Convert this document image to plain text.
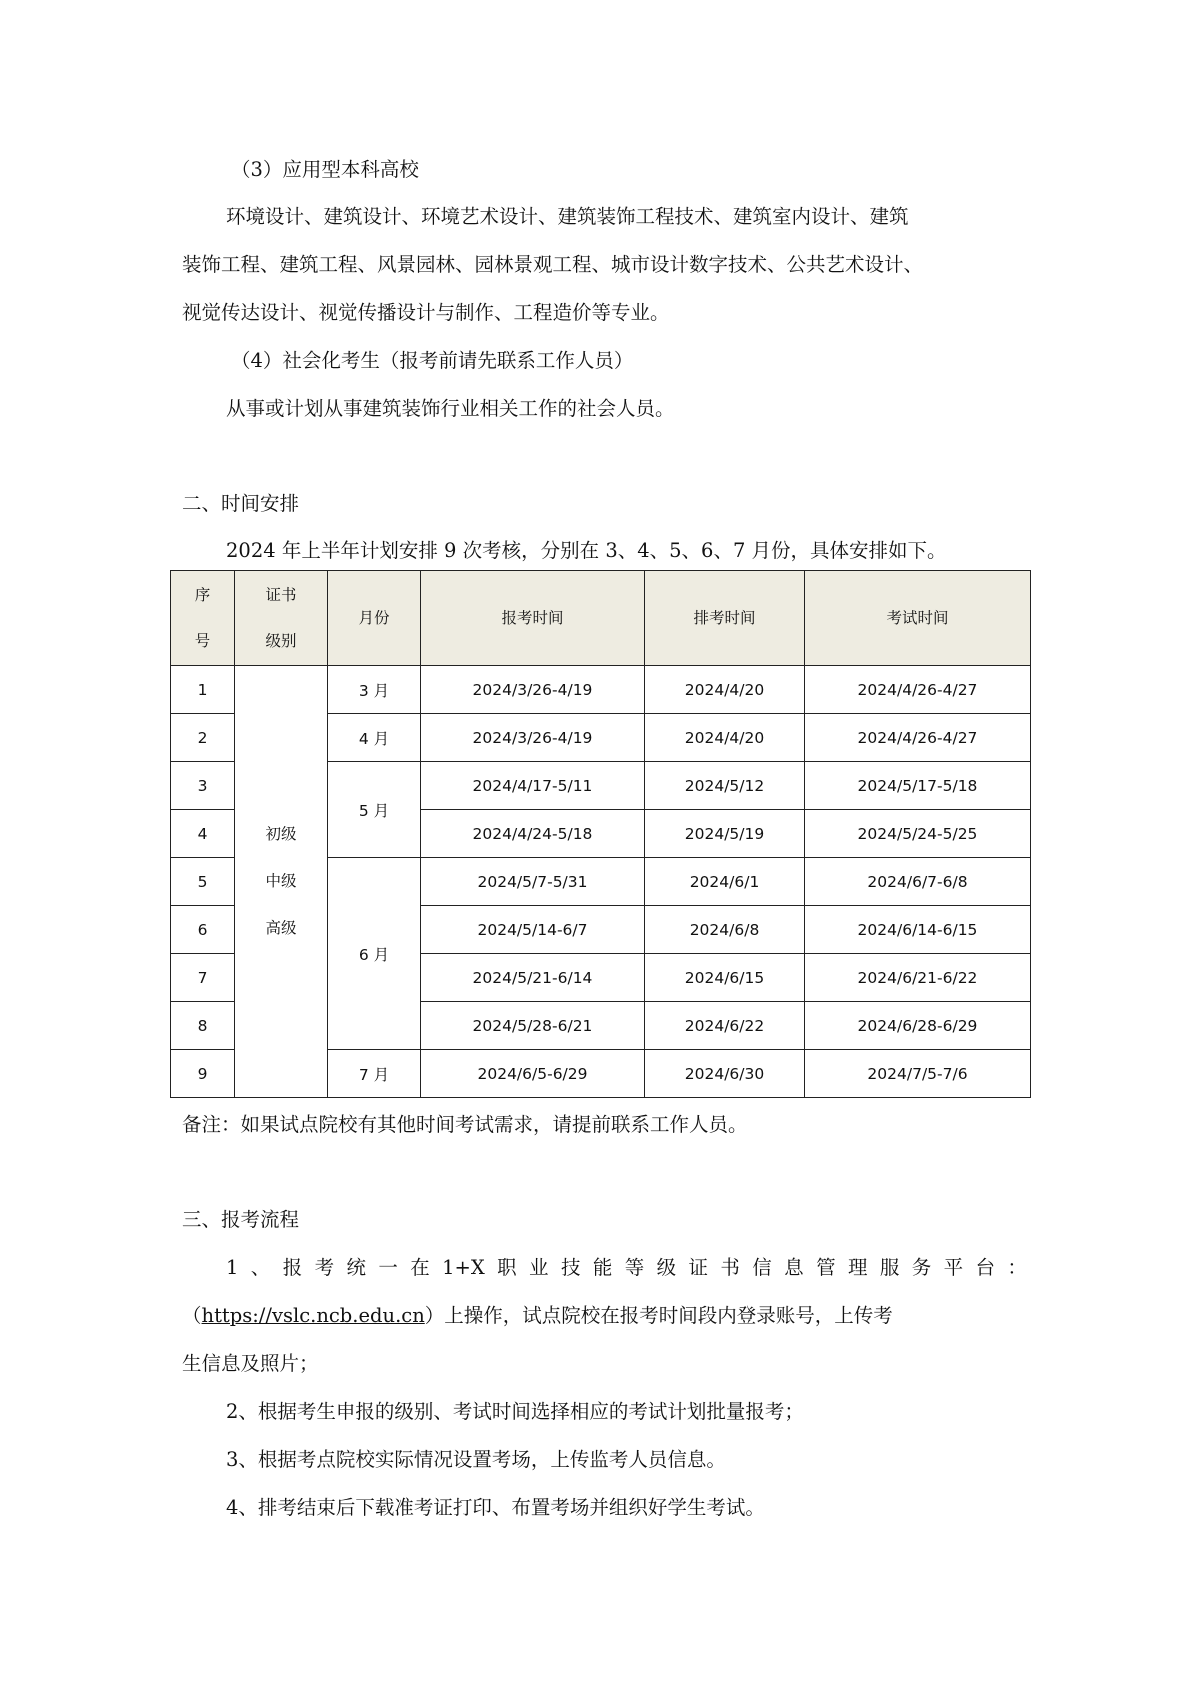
（3）应用型本科高校
环境设计、建筑设计、环境艺术设计、建筑装饰工程技术、建筑室内设计、建筑
装饰工程、建筑工程、风景园林、园林景观工程、城市设计数字技术、公共艺术设计、
视觉传达设计、视觉传播设计与制作、工程造价等专业。
（4）社会化考生（报考前请先联系工作人员）
从事或计划从事建筑装饰行业相关工作的社会人员。
二、时间安排
2024 年上半年计划安排 9 次考核，分别在 3、4、5、6、7 月份，具体安排如下。
序
号	证书
级别	月份	报考时间	排考时间	考试时间
1	初级
中级
高级	3 月	2024/3/26-4/19	2024/4/20	2024/4/26-4/27
2		4 月	2024/3/26-4/19	2024/4/20	2024/4/26-4/27
3		5 月	2024/4/17-5/11	2024/5/12	2024/5/17-5/18
4			2024/4/24-5/18	2024/5/19	2024/5/24-5/25
5		6 月	2024/5/7-5/31	2024/6/1	2024/6/7-6/8
6			2024/5/14-6/7	2024/6/8	2024/6/14-6/15
7			2024/5/21-6/14	2024/6/15	2024/6/21-6/22
8			2024/5/28-6/21	2024/6/22	2024/6/28-6/29
9		7 月	2024/6/5-6/29	2024/6/30	2024/7/5-7/6
备注：如果试点院校有其他时间考试需求，请提前联系工作人员。
三、报考流程
1 、 报 考 统 一 在 1+X 职 业 技 能 等 级 证 书 信 息 管 理 服 务 平 台 ：
（https://vslc.ncb.edu.cn）上操作，试点院校在报考时间段内登录账号，上传考
生信息及照片；
2、根据考生申报的级别、考试时间选择相应的考试计划批量报考；
3、根据考点院校实际情况设置考场，上传监考人员信息。
4、排考结束后下载准考证打印、布置考场并组织好学生考试。
